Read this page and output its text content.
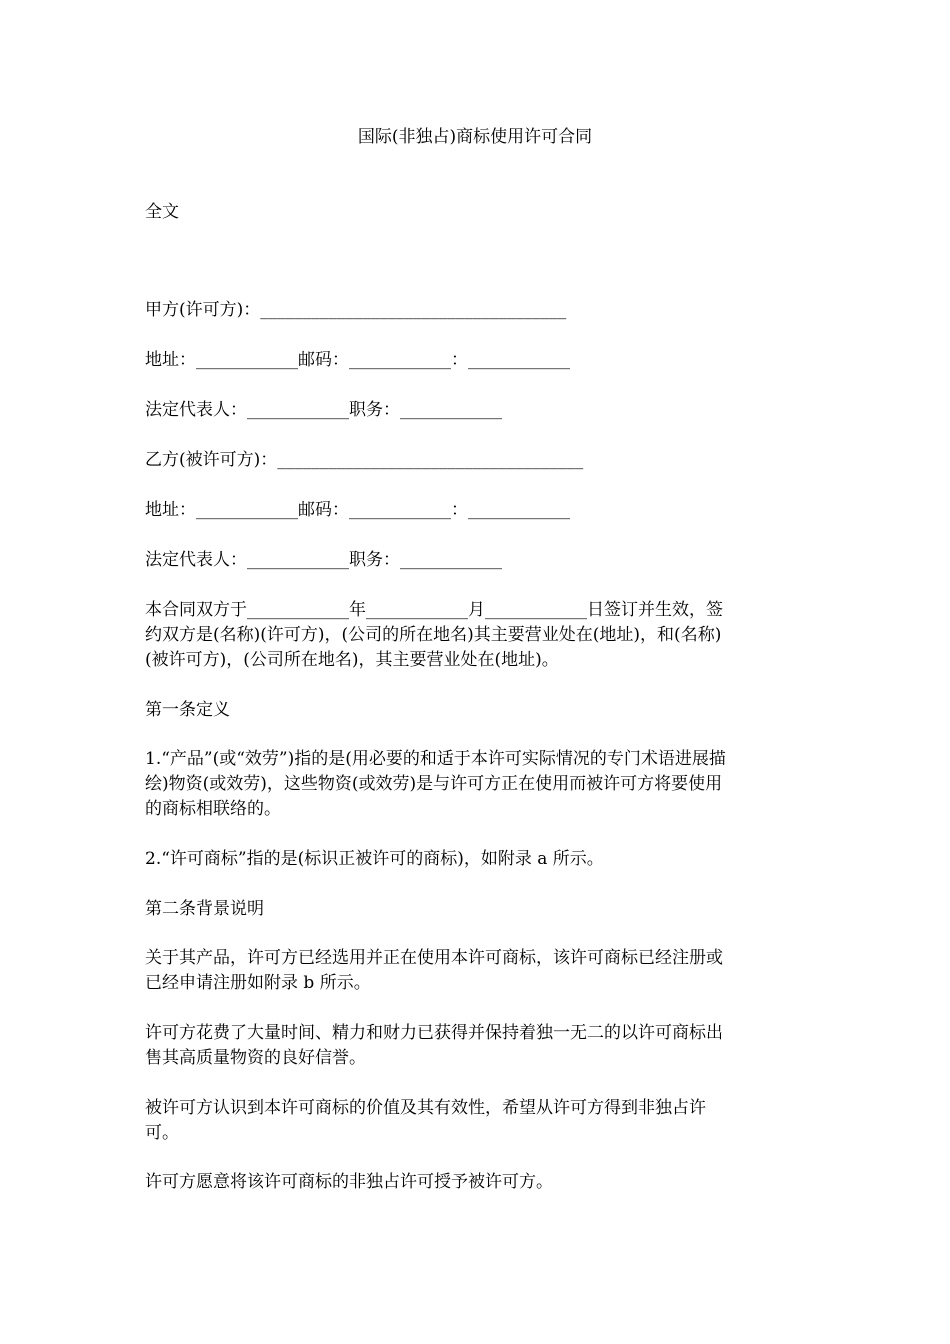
国际(非独占)商标使用许可合同
全文
甲方(许可方)：____________________________________
地址：____________邮码：____________：____________
法定代表人：____________职务：____________
乙方(被许可方)：____________________________________
地址：____________邮码：____________：____________
法定代表人：____________职务：____________
本合同双方于____________年____________月____________日签订并生效，签
约双方是(名称)(许可方)，(公司的所在地名)其主要营业处在(地址)，和(名称)
(被许可方)，(公司所在地名)，其主要营业处在(地址)。
第一条定义
1.“产品”(或“效劳”)指的是(用必要的和适于本许可实际情况的专门术语进展描
绘)物资(或效劳)，这些物资(或效劳)是与许可方正在使用而被许可方将要使用
的商标相联络的。
2.“许可商标”指的是(标识正被许可的商标)，如附录 a 所示。
第二条背景说明
关于其产品，许可方已经选用并正在使用本许可商标，该许可商标已经注册或
已经申请注册如附录 b 所示。
许可方花费了大量时间、精力和财力已获得并保持着独一无二的以许可商标出
售其高质量物资的良好信誉。
被许可方认识到本许可商标的价值及其有效性，希望从许可方得到非独占许
可。
许可方愿意将该许可商标的非独占许可授予被许可方。
